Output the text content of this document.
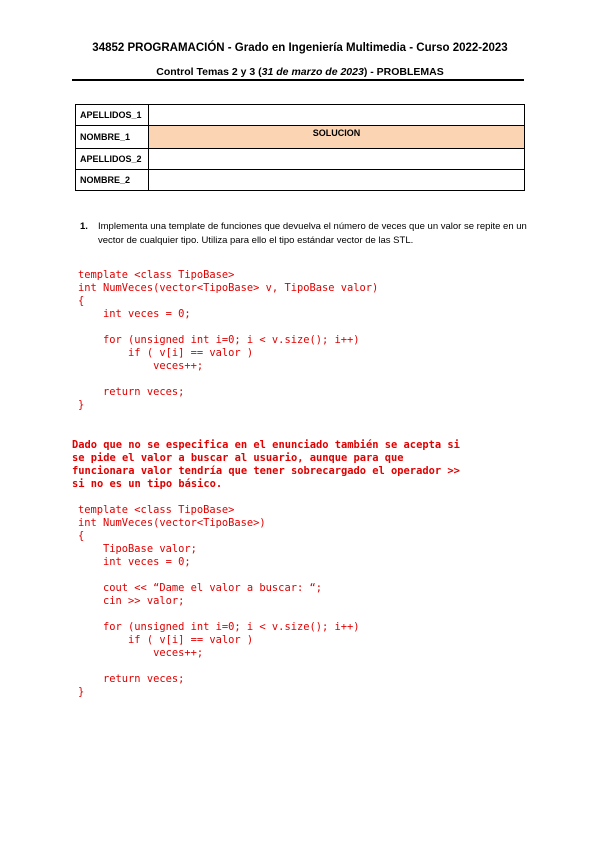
34852 PROGRAMACIÓN - Grado en Ingeniería Multimedia - Curso 2022-2023
Control Temas 2 y 3 (31 de marzo de 2023) - PROBLEMAS
APELLIDOS_1	
NOMBRE_1	SOLUCION
APELLIDOS_2	
NOMBRE_2	
1. Implementa una template de funciones que devuelva el número de veces que un valor se repite en un vector de cualquier tipo. Utiliza para ello el tipo estándar vector de las STL.
template <class TipoBase>
int NumVeces(vector<TipoBase> v, TipoBase valor)
{
int veces = 0;

for (unsigned int i=0; i < v.size(); i++)
if ( v[i] == valor )
veces++;

return veces;
}
Dado que no se especifica en el enunciado también se acepta si
se pide el valor a buscar al usuario, aunque para que
funcionara valor tendría que tener sobrecargado el operador >>
si no es un tipo básico.
template <class TipoBase>
int NumVeces(vector<TipoBase>)
{
TipoBase valor;
int veces = 0;

cout << “Dame el valor a buscar: “;
cin >> valor;

for (unsigned int i=0; i < v.size(); i++)
if ( v[i] == valor )
veces++;

return veces;
}
